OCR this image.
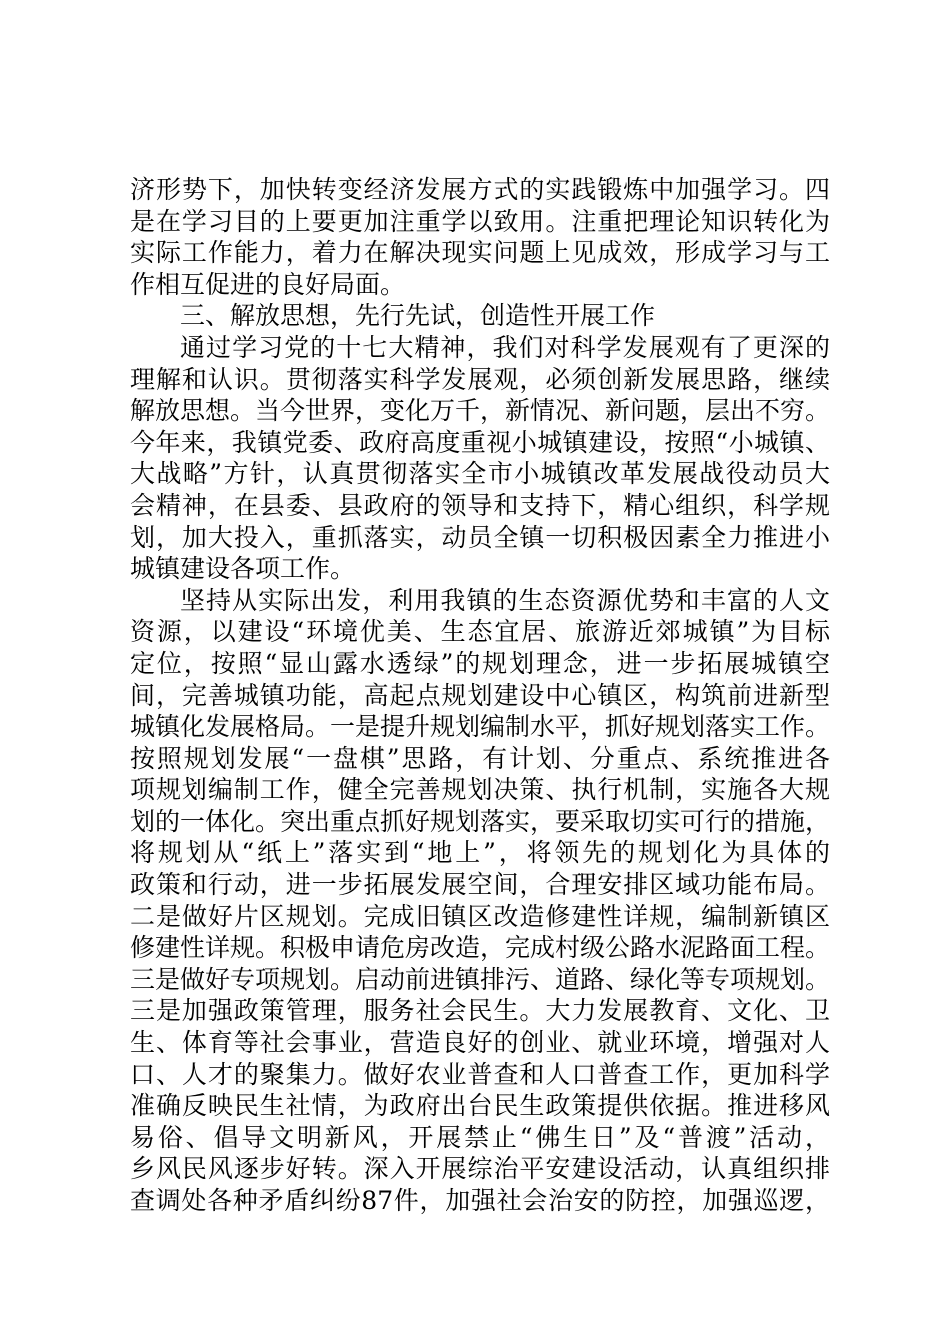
济形势下，加快转变经济发展方式的实践锻炼中加强学习。四
是在学习目的上要更加注重学以致用。注重把理论知识转化为
实际工作能力，着力在解决现实问题上见成效，形成学习与工
作相互促进的良好局面。
三、解放思想，先行先试，创造性开展工作
通过学习党的十七大精神，我们对科学发展观有了更深的
理解和认识。贯彻落实科学发展观，必须创新发展思路，继续
解放思想。当今世界，变化万千，新情况、新问题，层出不穷。
今年来，我镇党委、政府高度重视小城镇建设，按照“小城镇、
大战略”方针，认真贯彻落实全市小城镇改革发展战役动员大
会精神，在县委、县政府的领导和支持下，精心组织，科学规
划，加大投入，重抓落实，动员全镇一切积极因素全力推进小
城镇建设各项工作。
坚持从实际出发，利用我镇的生态资源优势和丰富的人文
资源，以建设“环境优美、生态宜居、旅游近郊城镇”为目标
定位，按照“显山露水透绿”的规划理念，进一步拓展城镇空
间，完善城镇功能，高起点规划建设中心镇区，构筑前进新型
城镇化发展格局。一是提升规划编制水平，抓好规划落实工作。
按照规划发展“一盘棋”思路，有计划、分重点、系统推进各
项规划编制工作，健全完善规划决策、执行机制，实施各大规
划的一体化。突出重点抓好规划落实，要采取切实可行的措施，
将规划从“纸上”落实到“地上”，将领先的规划化为具体的
政策和行动，进一步拓展发展空间，合理安排区域功能布局。
二是做好片区规划。完成旧镇区改造修建性详规，编制新镇区
修建性详规。积极申请危房改造，完成村级公路水泥路面工程。
三是做好专项规划。启动前进镇排污、道路、绿化等专项规划。
三是加强政策管理，服务社会民生。大力发展教育、文化、卫
生、体育等社会事业，营造良好的创业、就业环境，增强对人
口、人才的聚集力。做好农业普查和人口普查工作，更加科学
准确反映民生社情，为政府出台民生政策提供依据。推进移风
易俗、倡导文明新风，开展禁止“佛生日”及“普渡”活动，
乡风民风逐步好转。深入开展综治平安建设活动，认真组织排
查调处各种矛盾纠纷87件，加强社会治安的防控，加强巡逻，
